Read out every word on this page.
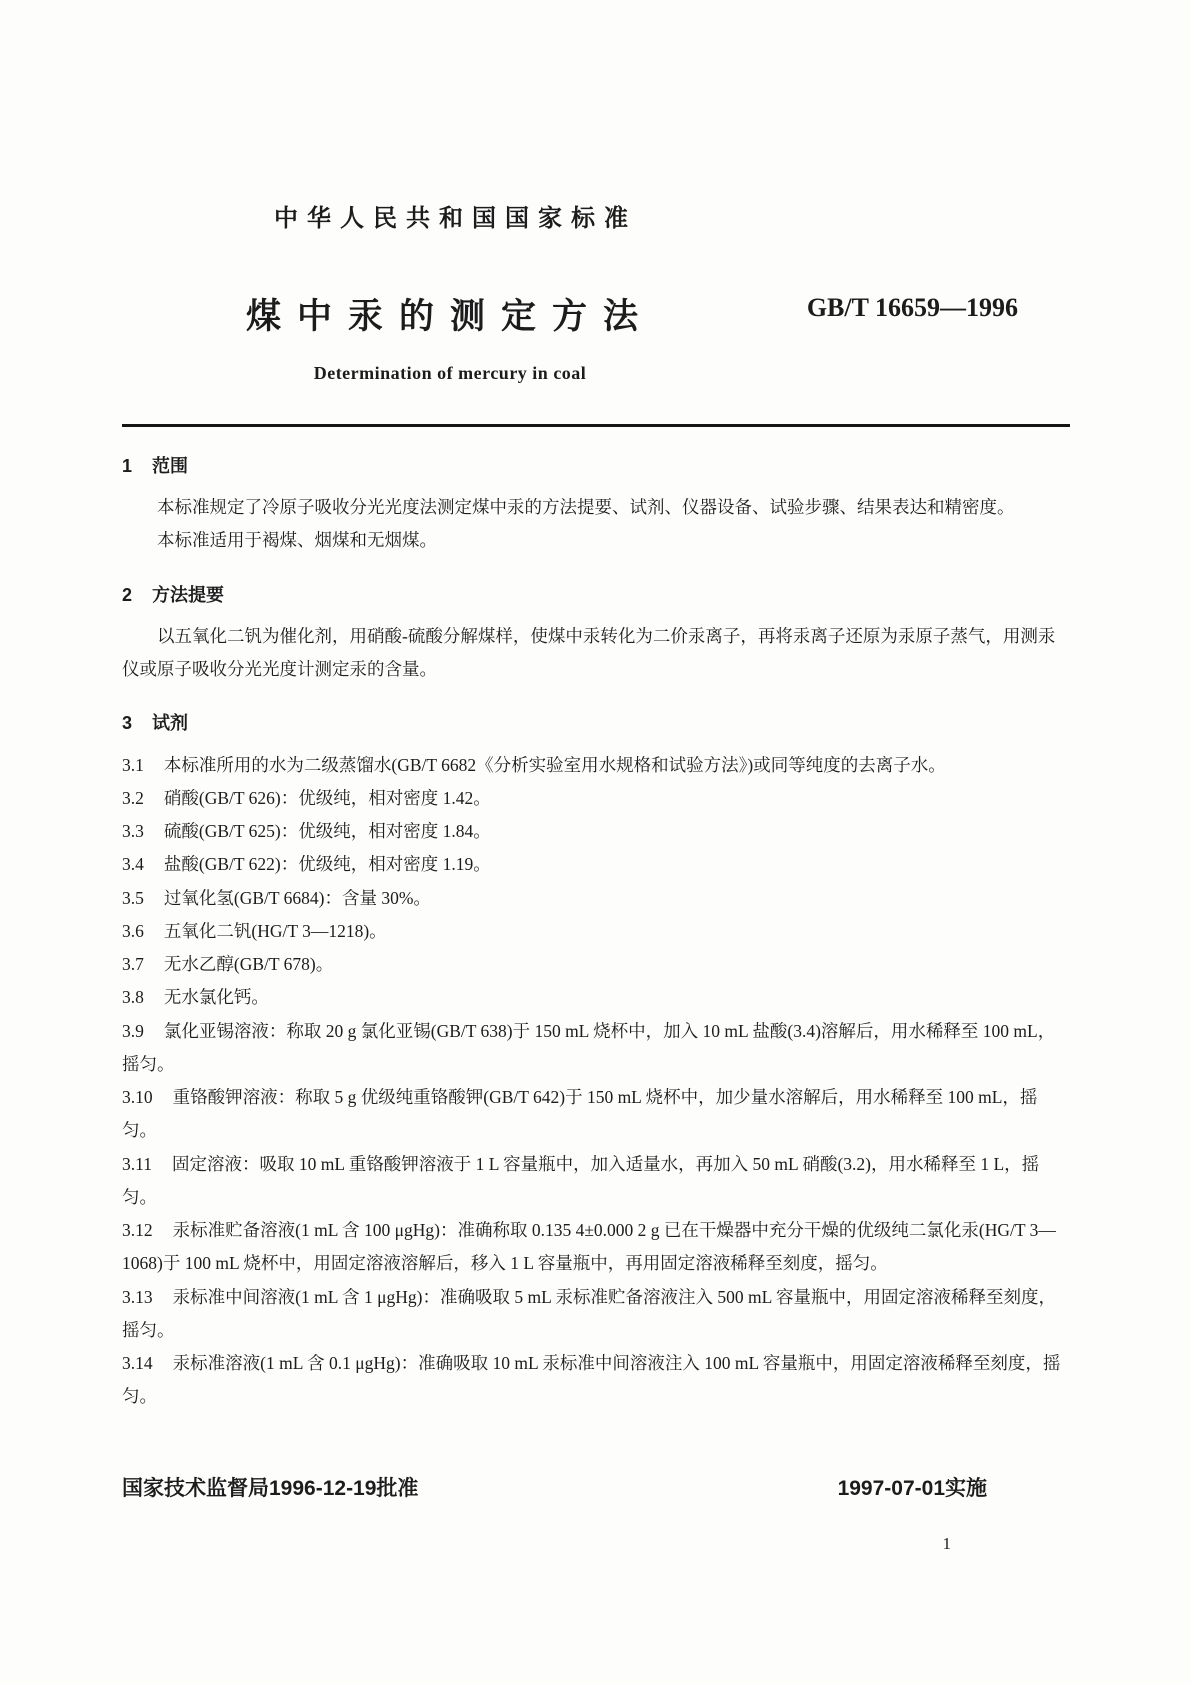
中华人民共和国国家标准
煤中汞的测定方法
Determination of mercury in coal
GB/T 16659—1996
1 范围

本标准规定了冷原子吸收分光光度法测定煤中汞的方法提要、试剂、仪器设备、试验步骤、结果表达和精密度。

本标准适用于褐煤、烟煤和无烟煤。

2 方法提要

以五氧化二钒为催化剂，用硝酸-硫酸分解煤样，使煤中汞转化为二价汞离子，再将汞离子还原为汞原子蒸气，用测汞仪或原子吸收分光光度计测定汞的含量。

3 试剂

3.1 本标准所用的水为二级蒸馏水(GB/T 6682《分析实验室用水规格和试验方法》)或同等纯度的去离子水。

3.2 硝酸(GB/T 626)：优级纯，相对密度 1.42。

3.3 硫酸(GB/T 625)：优级纯，相对密度 1.84。

3.4 盐酸(GB/T 622)：优级纯，相对密度 1.19。

3.5 过氧化氢(GB/T 6684)：含量 30%。

3.6 五氧化二钒(HG/T 3—1218)。

3.7 无水乙醇(GB/T 678)。

3.8 无水氯化钙。

3.9 氯化亚锡溶液：称取 20 g 氯化亚锡(GB/T 638)于 150 mL 烧杯中，加入 10 mL 盐酸(3.4)溶解后，用水稀释至 100 mL，摇匀。

3.10 重铬酸钾溶液：称取 5 g 优级纯重铬酸钾(GB/T 642)于 150 mL 烧杯中，加少量水溶解后，用水稀释至 100 mL，摇匀。

3.11 固定溶液：吸取 10 mL 重铬酸钾溶液于 1 L 容量瓶中，加入适量水，再加入 50 mL 硝酸(3.2)，用水稀释至 1 L，摇匀。

3.12 汞标准贮备溶液(1 mL 含 100 μgHg)：准确称取 0.135 4±0.000 2 g 已在干燥器中充分干燥的优级纯二氯化汞(HG/T 3—1068)于 100 mL 烧杯中，用固定溶液溶解后，移入 1 L 容量瓶中，再用固定溶液稀释至刻度，摇匀。

3.13 汞标准中间溶液(1 mL 含 1 μgHg)：准确吸取 5 mL 汞标准贮备溶液注入 500 mL 容量瓶中，用固定溶液稀释至刻度，摇匀。

3.14 汞标准溶液(1 mL 含 0.1 μgHg)：准确吸取 10 mL 汞标准中间溶液注入 100 mL 容量瓶中，用固定溶液稀释至刻度，摇匀。

国家技术监督局1996-12-19批准	1997-07-01实施
1
